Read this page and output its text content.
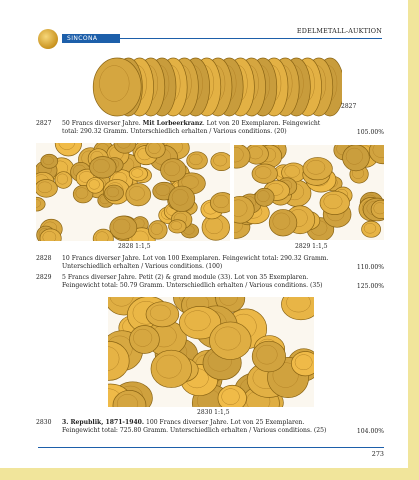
SINCONA
EDELMETALL-AUKTION
2827
2827 50 Francs diverser Jahre. Mit Lorbeerkranz. Lot von 20 Exemplaren. Feingewicht total: 290.32 Gramm. Unterschiedlich erhalten / Various conditions. (20)	105.00%
2828 1:1,5	2829 1:1,5
2828 10 Francs diverser Jahre. Lot von 100 Exemplaren. Feingewicht total: 290.32 Gramm. Unterschiedlich erhalten / Various conditions. (100)	110.00%
2829 5 Francs diverser Jahre. Petit (2) & grand module (33). Lot von 35 Exemplaren. Feingewicht total: 50.79 Gramm. Unterschiedlich erhalten / Various conditions. (35)	125.00%
2830 1:1,5
2830 3. Republik, 1871-1940. 100 Francs diverser Jahre. Lot von 25 Exemplaren. Feingewicht total: 725.80 Gramm. Unterschiedlich erhalten / Various conditions. (25)	104.00%
273
